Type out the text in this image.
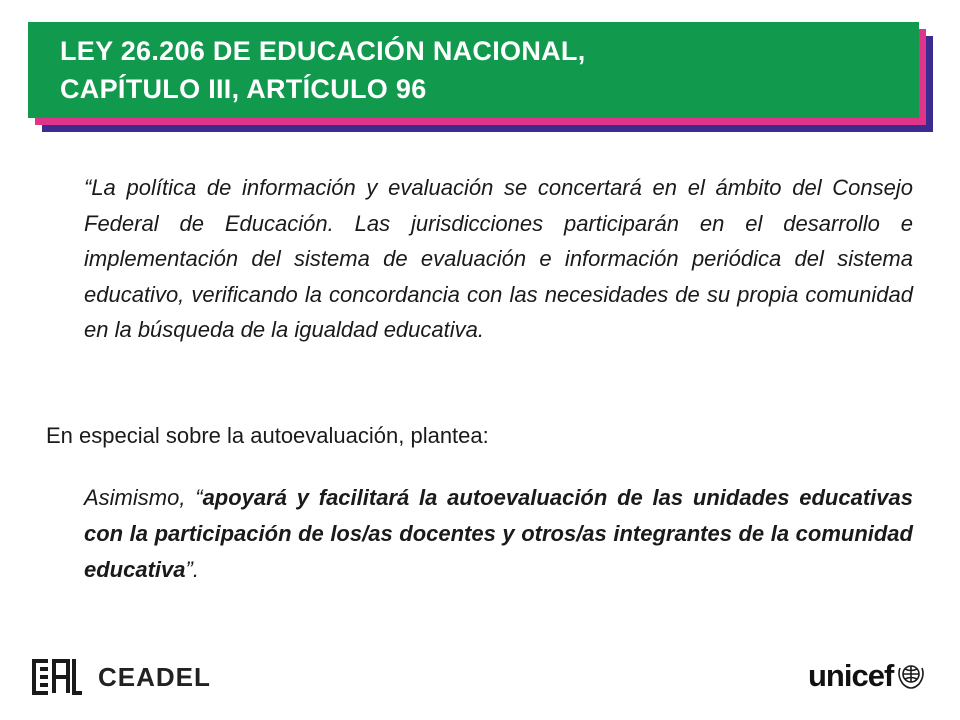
LEY 26.206 DE EDUCACIÓN NACIONAL,
CAPÍTULO III, ARTÍCULO 96

“La política de información y evaluación se concertará en el ámbito del Consejo Federal de Educación. Las jurisdicciones participarán en el desarrollo e implementación del sistema de evaluación e información periódica del sistema educativo, verificando la concordancia con las necesidades de su propia comunidad en la búsqueda de la igualdad educativa.

En especial sobre la autoevaluación, plantea:

Asimismo, “apoyará y facilitará la autoevaluación de las unidades educativas con la participación de los/as docentes y otros/as integrantes de la comunidad educativa”.

CEADEL	unicef
